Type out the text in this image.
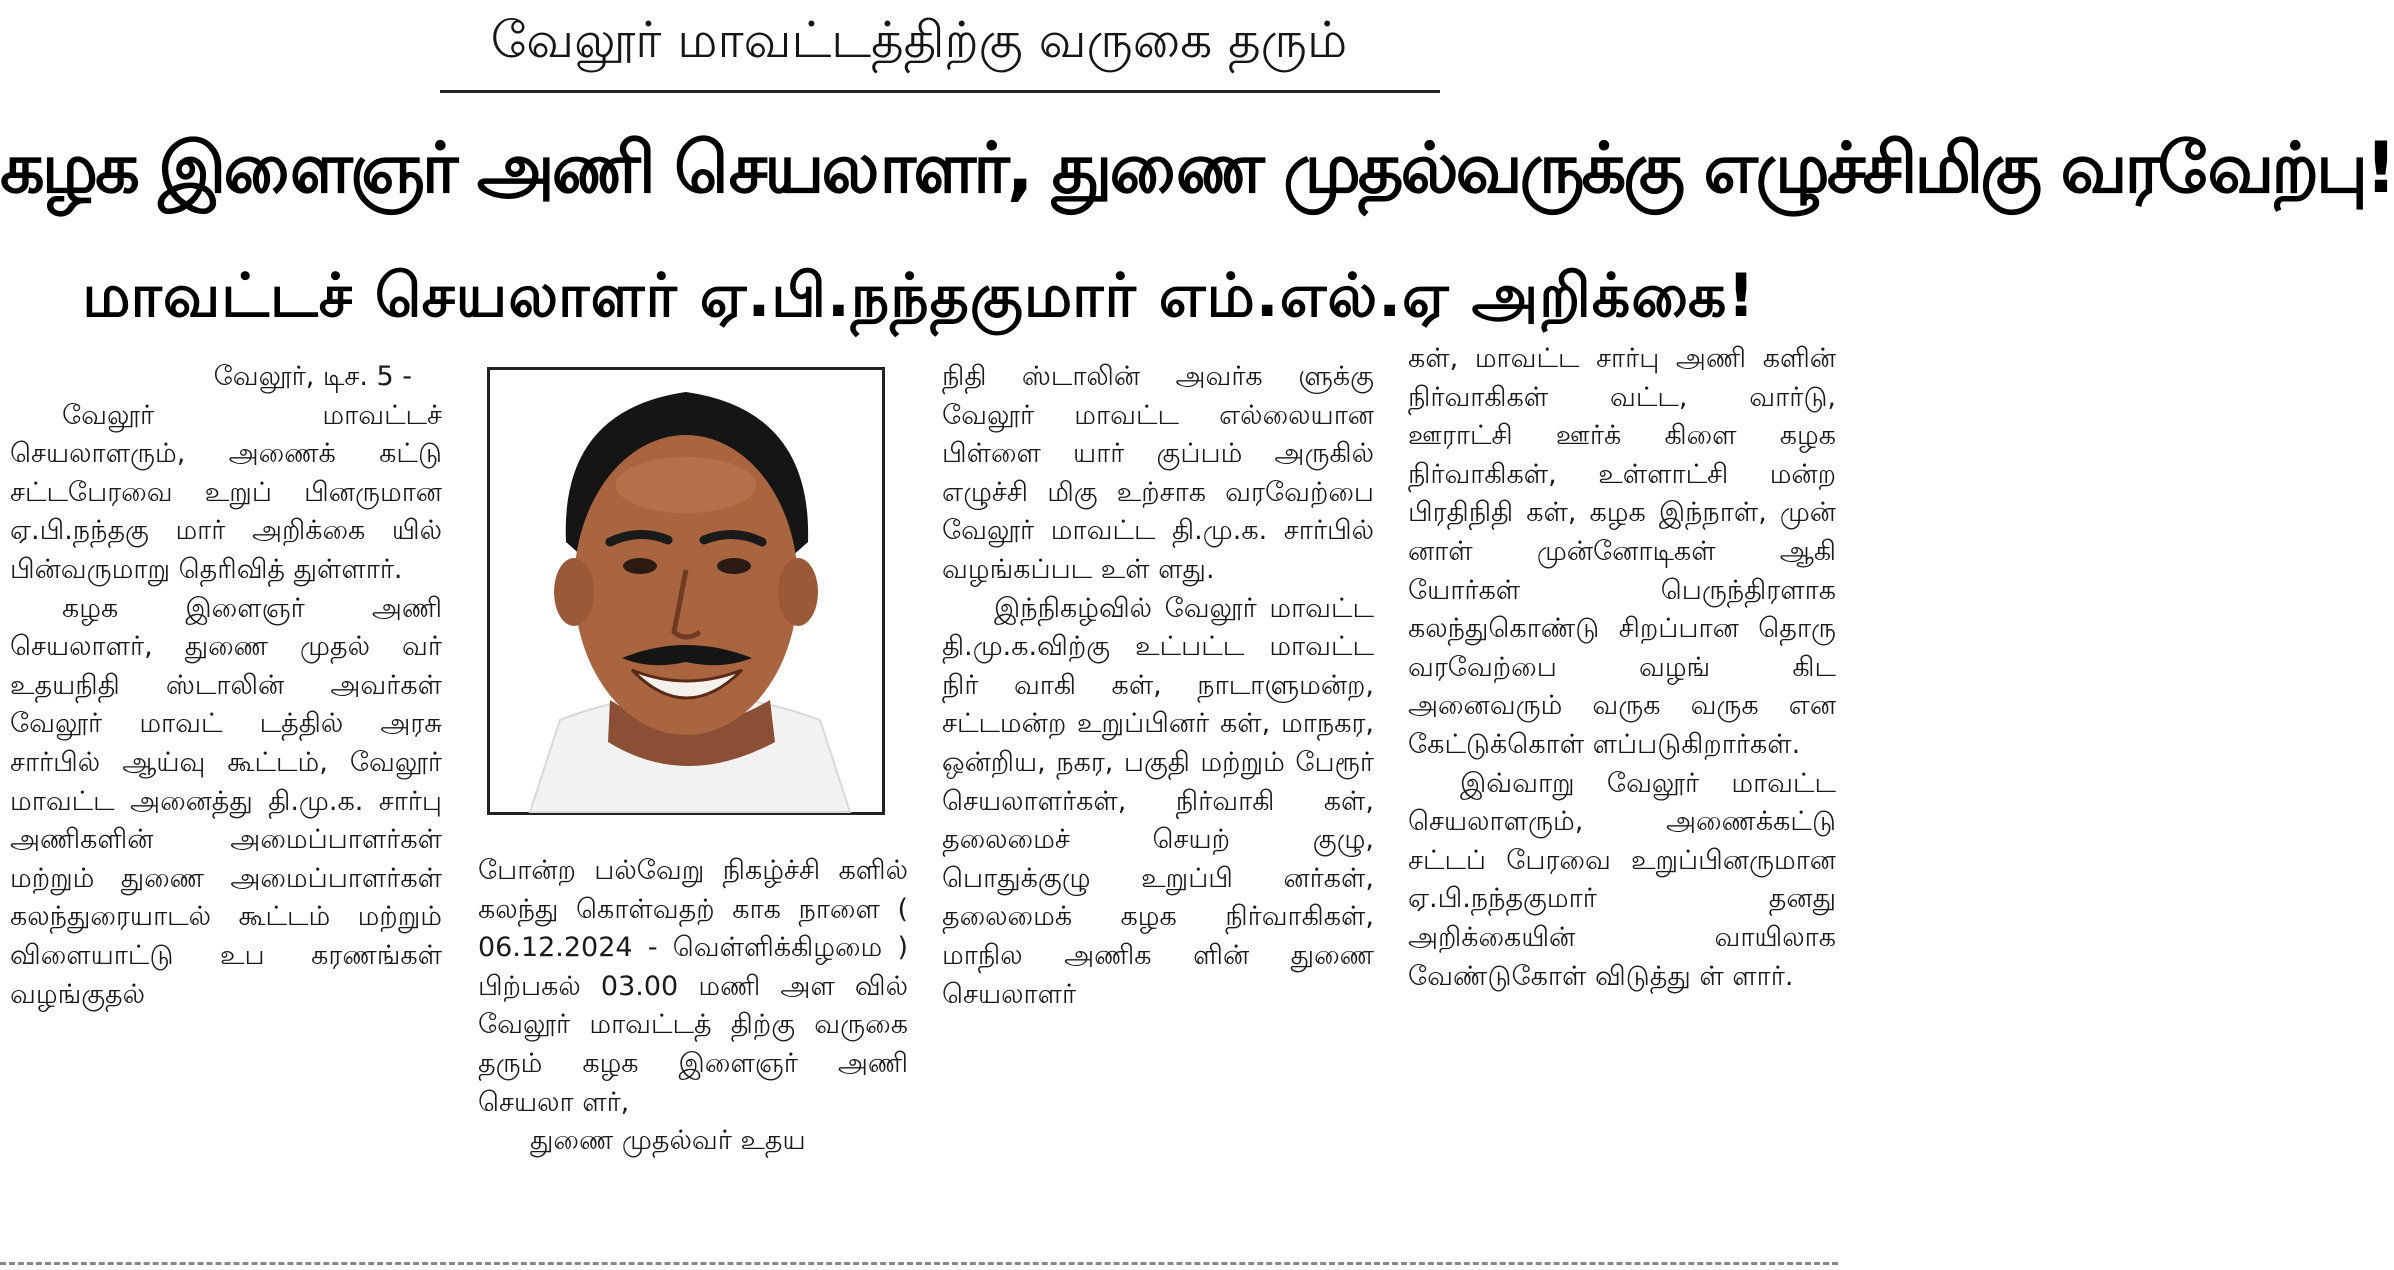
வேலூர் மாவட்டத்திற்கு வருகை தரும்
கழக இளைஞர் அணி செயலாளர், துணை முதல்வருக்கு எழுச்சிமிகு வரவேற்பு!
மாவட்டச் செயலாளர் ஏ.பி.நந்தகுமார் எம்.எல்.ஏ அறிக்கை!

வேலூர், டிச. 5 -

வேலூர் மாவட்டச் செயலாளரும், அணைக் கட்டு சட்டபேரவை உறுப் பினருமான ஏ.பி.நந்தகு மார் அறிக்கை யில் பின்வருமாறு தெரிவித் துள்ளார்.

கழக இளைஞர் அணி செயலாளர், துணை முதல் வர் உதயநிதி ஸ்டாலின் அவர்கள் வேலூர் மாவட் டத்தில் அரசு சார்பில் ஆய்வு கூட்டம், வேலூர் மாவட்ட அனைத்து தி.மு.க. சார்பு அணிகளின் அமைப்பாளர்கள் மற்றும் துணை அமைப்பாளர்கள் கலந்துரையாடல் கூட்டம் மற்றும் விளையாட்டு உப கரணங்கள் வழங்குதல்

போன்ற பல்வேறு நிகழ்ச்சி களில் கலந்து கொள்வதற் காக நாளை ( 06.12.2024 - வெள்ளிக்கிழமை ) பிற்பகல் 03.00 மணி அள வில் வேலூர் மாவட்டத் திற்கு வருகை தரும் கழக இளைஞர் அணி செயலா ளர்,

துணை முதல்வர் உதய

நிதி ஸ்டாலின் அவர்க ளுக்கு வேலூர் மாவட்ட எல்லையான பிள்ளை யார் குப்பம் அருகில் எழுச்சி மிகு உற்சாக வரவேற்பை வேலூர் மாவட்ட தி.மு.க. சார்பில் வழங்கப்பட உள் ளது.

இந்நிகழ்வில் வேலூர் மாவட்ட தி.மு.க.விற்கு உட்பட்ட மாவட்ட நிர் வாகி கள், நாடாளுமன்ற, சட்டமன்ற உறுப்பினர் கள், மாநகர, ஒன்றிய, நகர, பகுதி மற்றும் பேரூர் செயலாளர்கள், நிர்வாகி கள், தலைமைச் செயற் குழு, பொதுக்குழு உறுப்பி னர்கள், தலைமைக் கழக நிர்வாகிகள், மாநில அணிக ளின் துணை செயலாளர்

கள், மாவட்ட சார்பு அணி களின் நிர்வாகிகள் வட்ட, வார்டு, ஊராட்சி ஊர்க் கிளை கழக நிர்வாகிகள், உள்ளாட்சி மன்ற பிரதிநிதி கள், கழக இந்நாள், முன் னாள் முன்னோடிகள் ஆகி யோர்கள் பெருந்திரளாக கலந்துகொண்டு சிறப்பான தொரு வரவேற்பை வழங் கிட அனைவரும் வருக வருக என கேட்டுக்கொள் ளப்படுகிறார்கள்.

இவ்வாறு வேலூர் மாவட்ட செயலாளரும், அணைக்கட்டு சட்டப் பேரவை உறுப்பினருமான ஏ.பி.நந்தகுமார் தனது அறிக்கையின் வாயிலாக வேண்டுகோள் விடுத்து ள் ளார்.
